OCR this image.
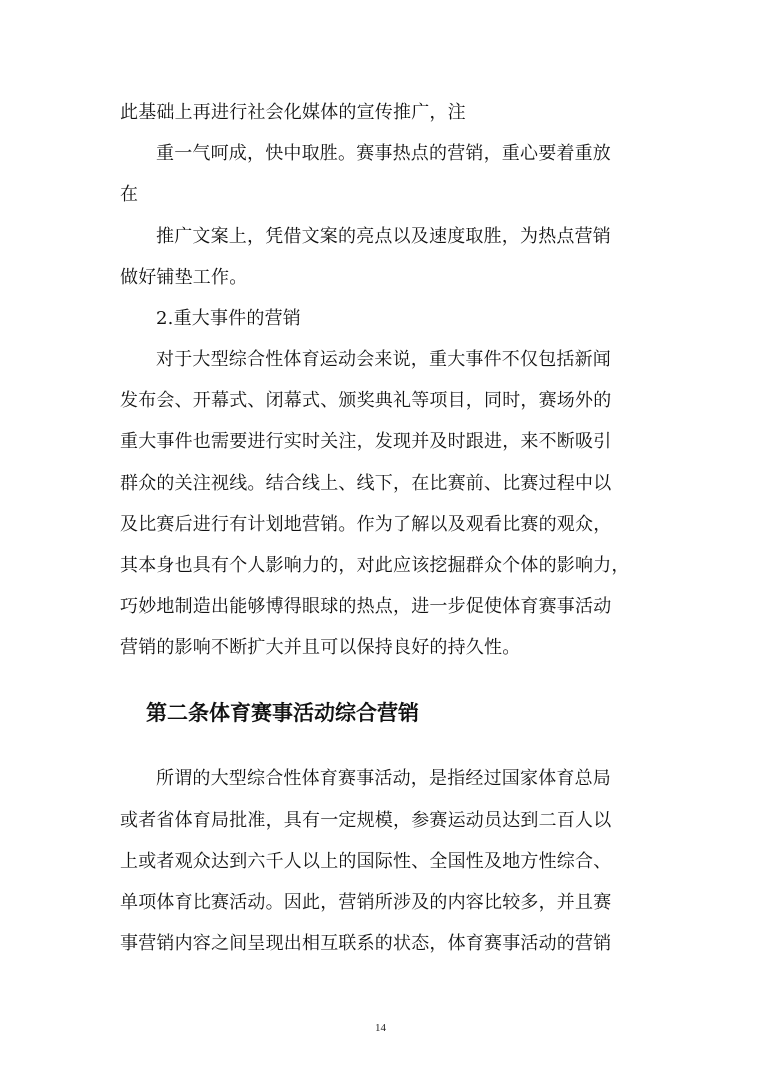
此基础上再进行社会化媒体的宣传推广，注
重一气呵成，快中取胜。赛事热点的营销，重心要着重放
在
推广文案上，凭借文案的亮点以及速度取胜，为热点营销
做好铺垫工作。
2.重大事件的营销
对于大型综合性体育运动会来说，重大事件不仅包括新闻
发布会、开幕式、闭幕式、颁奖典礼等项目，同时，赛场外的
重大事件也需要进行实时关注，发现并及时跟进，来不断吸引
群众的关注视线。结合线上、线下，在比赛前、比赛过程中以
及比赛后进行有计划地营销。作为了解以及观看比赛的观众，
其本身也具有个人影响力的，对此应该挖掘群众个体的影响力，
巧妙地制造出能够博得眼球的热点，进一步促使体育赛事活动
营销的影响不断扩大并且可以保持良好的持久性。
第二条体育赛事活动综合营销
所谓的大型综合性体育赛事活动，是指经过国家体育总局
或者省体育局批准，具有一定规模，参赛运动员达到二百人以
上或者观众达到六千人以上的国际性、全国性及地方性综合、
单项体育比赛活动。因此，营销所涉及的内容比较多，并且赛
事营销内容之间呈现出相互联系的状态，体育赛事活动的营销
14
